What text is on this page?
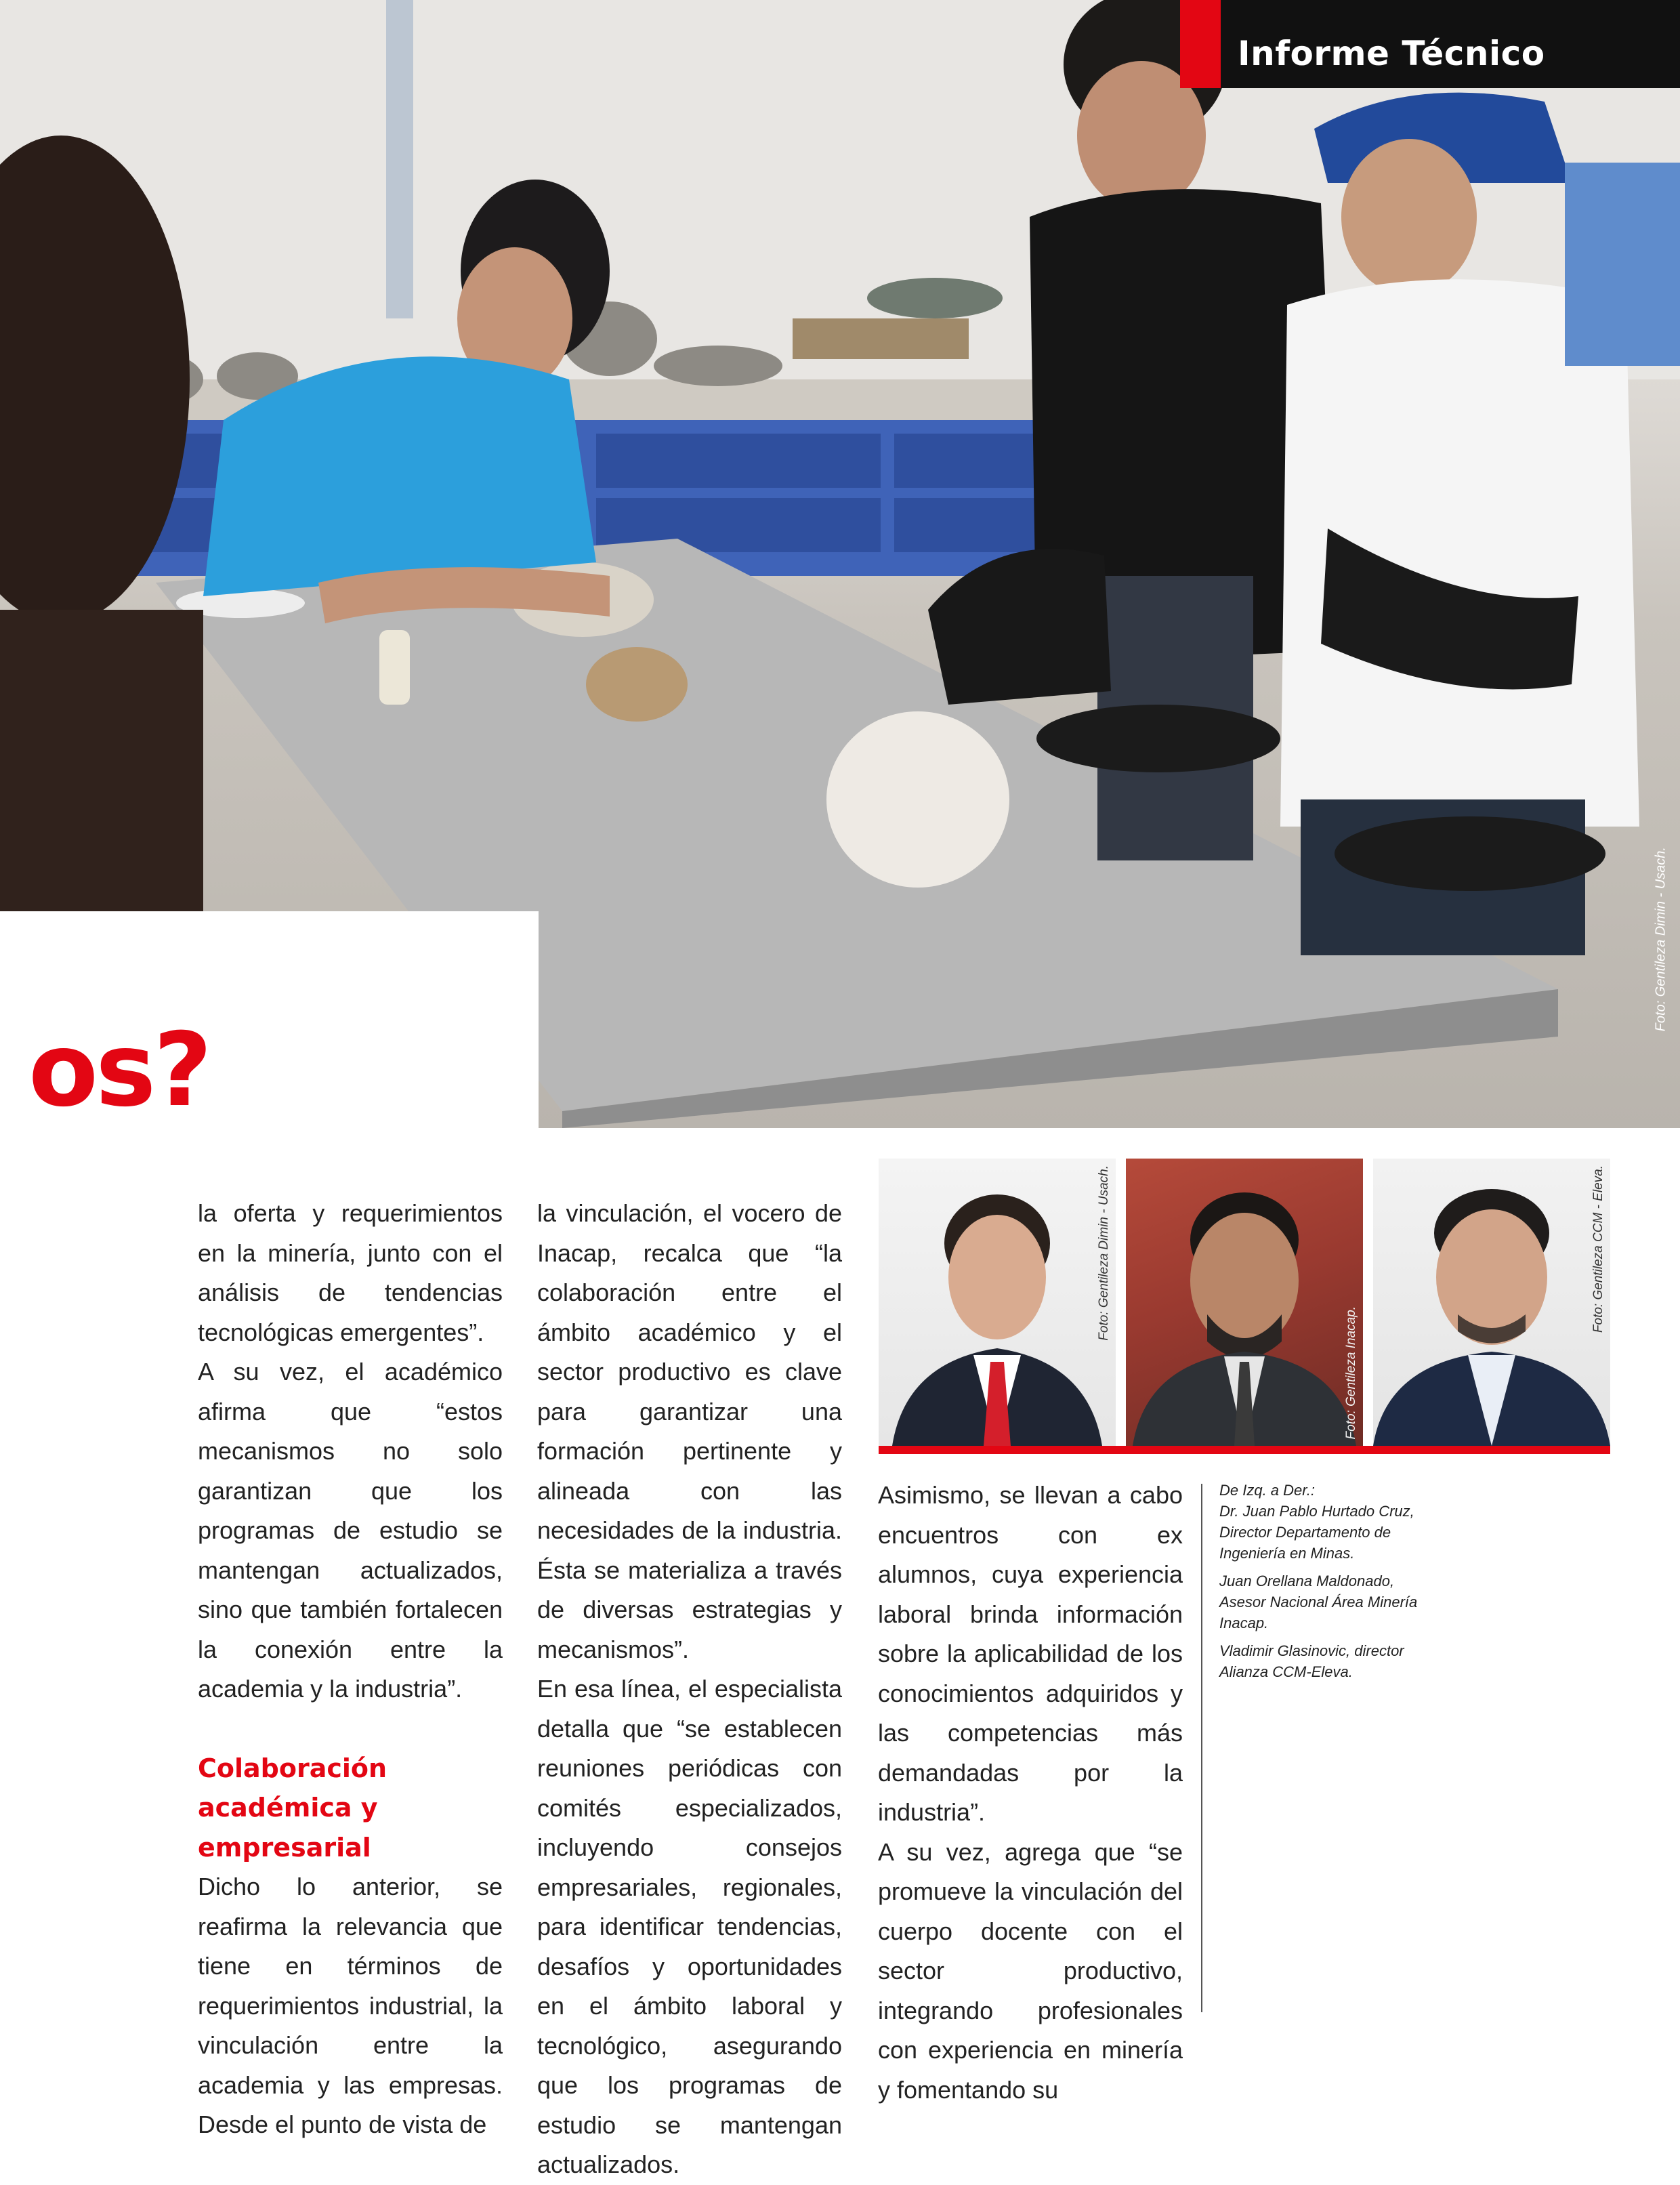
Foto: Gentileza Dimin - Usach.
Informe Técnico
os?

la oferta y requerimientos en la minería, junto con el análisis de tendencias tecnológicas emergentes”.

A su vez, el académico afirma que “estos mecanismos no solo garantizan que los programas de estudio se mantengan actualizados, sino que también fortalecen la conexión entre la academia y la industria”.

Colaboración académica y empresarial

Dicho lo anterior, se reafirma la relevancia que tiene en términos de requerimientos industrial, la vinculación entre la academia y las empresas. Desde el punto de vista de

la vinculación, el vocero de Inacap, recalca que “la colaboración entre el ámbito académico y el sector productivo es clave para garantizar una formación pertinente y alineada con las necesidades de la industria. Ésta se materializa a través de diversas estrategias y mecanismos”.

En esa línea, el especialista detalla que “se establecen reuniones periódicas con comités especializados, incluyendo consejos empresariales, regionales, para identificar tendencias, desafíos y oportunidades en el ámbito laboral y tecnológico, asegurando que los programas de estudio se mantengan actualizados.

Foto: Gentileza Dimin - Usach.
Foto: Gentileza Inacap.
Foto: Gentileza CCM - Eleva.

Asimismo, se llevan a cabo encuentros con ex alumnos, cuya experiencia laboral brinda información sobre la aplicabilidad de los conocimientos adquiridos y las competencias más demandadas por la industria”.

A su vez, agrega que “se promueve la vinculación del cuerpo docente con el sector productivo, integrando profesionales con experiencia en minería y fomentando su

De Izq. a Der.:

Dr. Juan Pablo Hurtado Cruz, Director Departamento de Ingeniería en Minas.

Juan Orellana Maldonado, Asesor Nacional Área Minería Inacap.

Vladimir Glasinovic, director Alianza CCM-Eleva.
